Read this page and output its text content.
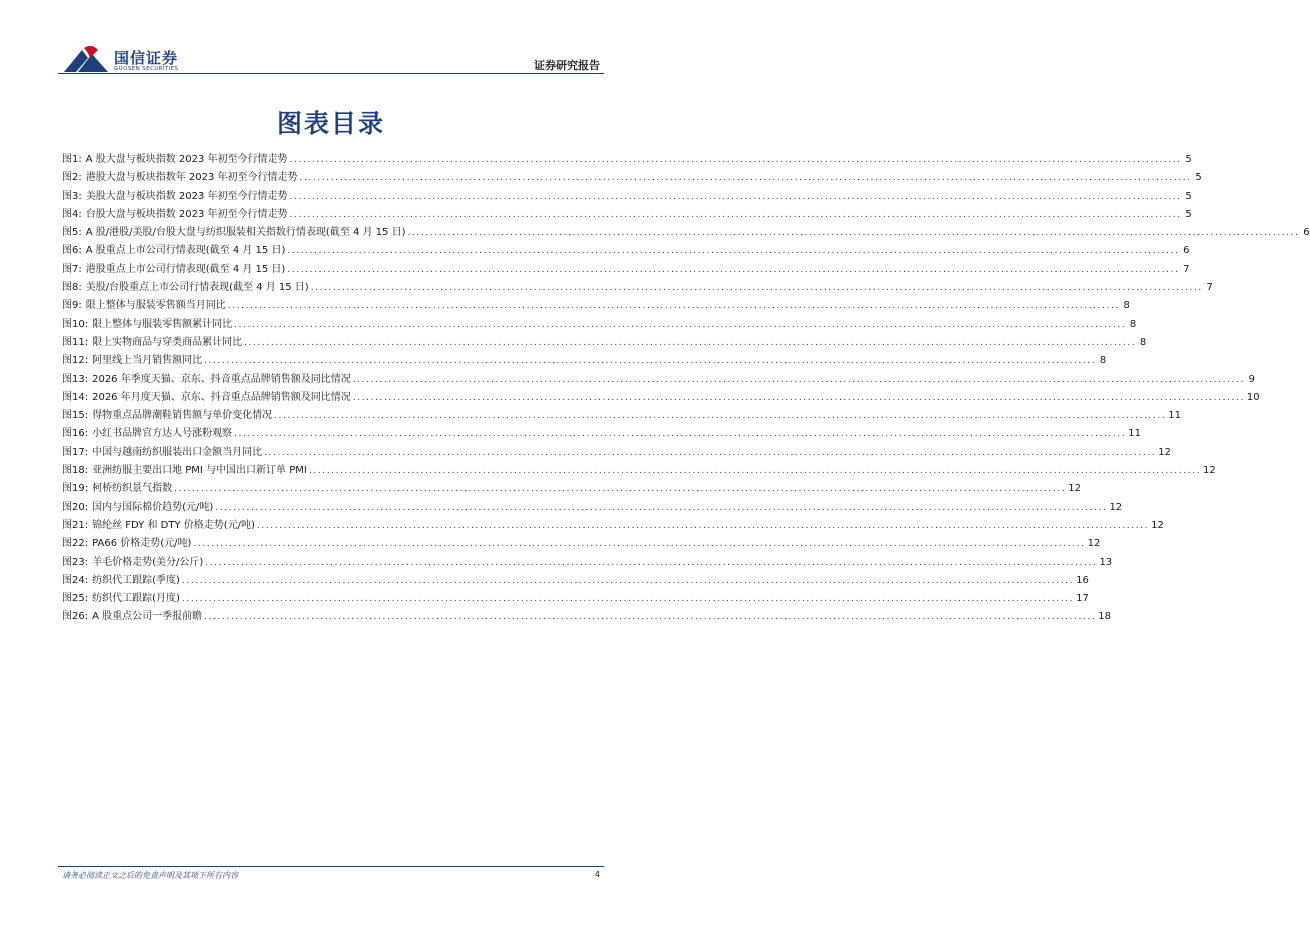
国信证券
GUOSEN SECURITIES	证券研究报告
图表目录
图1: A 股大盘与板块指数 2023 年初至今行情走势 ........................................................................................................................................................................................................ 5
图2: 港股大盘与板块指数年 2023 年初至今行情走势 ........................................................................................................................................................................................................ 5
图3: 美股大盘与板块指数 2023 年初至今行情走势 ........................................................................................................................................................................................................ 5
图4: 台股大盘与板块指数 2023 年初至今行情走势 ........................................................................................................................................................................................................ 5
图5: A 股/港股/美股/台股大盘与纺织服装相关指数行情表现(截至 4 月 15 日) ........................................................................................................................................................................................................ 6
图6: A 股重点上市公司行情表现(截至 4 月 15 日) ........................................................................................................................................................................................................ 6
图7: 港股重点上市公司行情表现(截至 4 月 15 日) ........................................................................................................................................................................................................ 7
图8: 美股/台股重点上市公司行情表现(截至 4 月 15 日) ........................................................................................................................................................................................................ 7
图9: 限上整体与服装零售额当月同比 ........................................................................................................................................................................................................ 8
图10: 限上整体与服装零售额累计同比 ........................................................................................................................................................................................................ 8
图11: 限上实物商品与穿类商品累计同比 ........................................................................................................................................................................................................ 8
图12: 阿里线上当月销售额同比 ........................................................................................................................................................................................................ 8
图13: 2026 年季度天猫、京东、抖音重点品牌销售额及同比情况 ........................................................................................................................................................................................................ 9
图14: 2026 年月度天猫、京东、抖音重点品牌销售额及同比情况 ........................................................................................................................................................................................................ 10
图15: 得物重点品牌潮鞋销售额与单价变化情况 ........................................................................................................................................................................................................ 11
图16: 小红书品牌官方达人号涨粉观察 ........................................................................................................................................................................................................ 11
图17: 中国与越南纺织服装出口金额当月同比 ........................................................................................................................................................................................................ 12
图18: 亚洲纺服主要出口地 PMI 与中国出口新订单 PMI ........................................................................................................................................................................................................ 12
图19: 柯桥纺织景气指数 ........................................................................................................................................................................................................ 12
图20: 国内与国际棉价趋势(元/吨) ........................................................................................................................................................................................................ 12
图21: 锦纶丝 FDY 和 DTY 价格走势(元/吨) ........................................................................................................................................................................................................ 12
图22: PA66 价格走势(元/吨) ........................................................................................................................................................................................................ 12
图23: 羊毛价格走势(美分/公斤) ........................................................................................................................................................................................................ 13
图24: 纺织代工跟踪(季度) ........................................................................................................................................................................................................ 16
图25: 纺织代工跟踪(月度) ........................................................................................................................................................................................................ 17
图26: A 股重点公司一季报前瞻 ........................................................................................................................................................................................................ 18
请务必阅读正文之后的免责声明及其项下所有内容	4
